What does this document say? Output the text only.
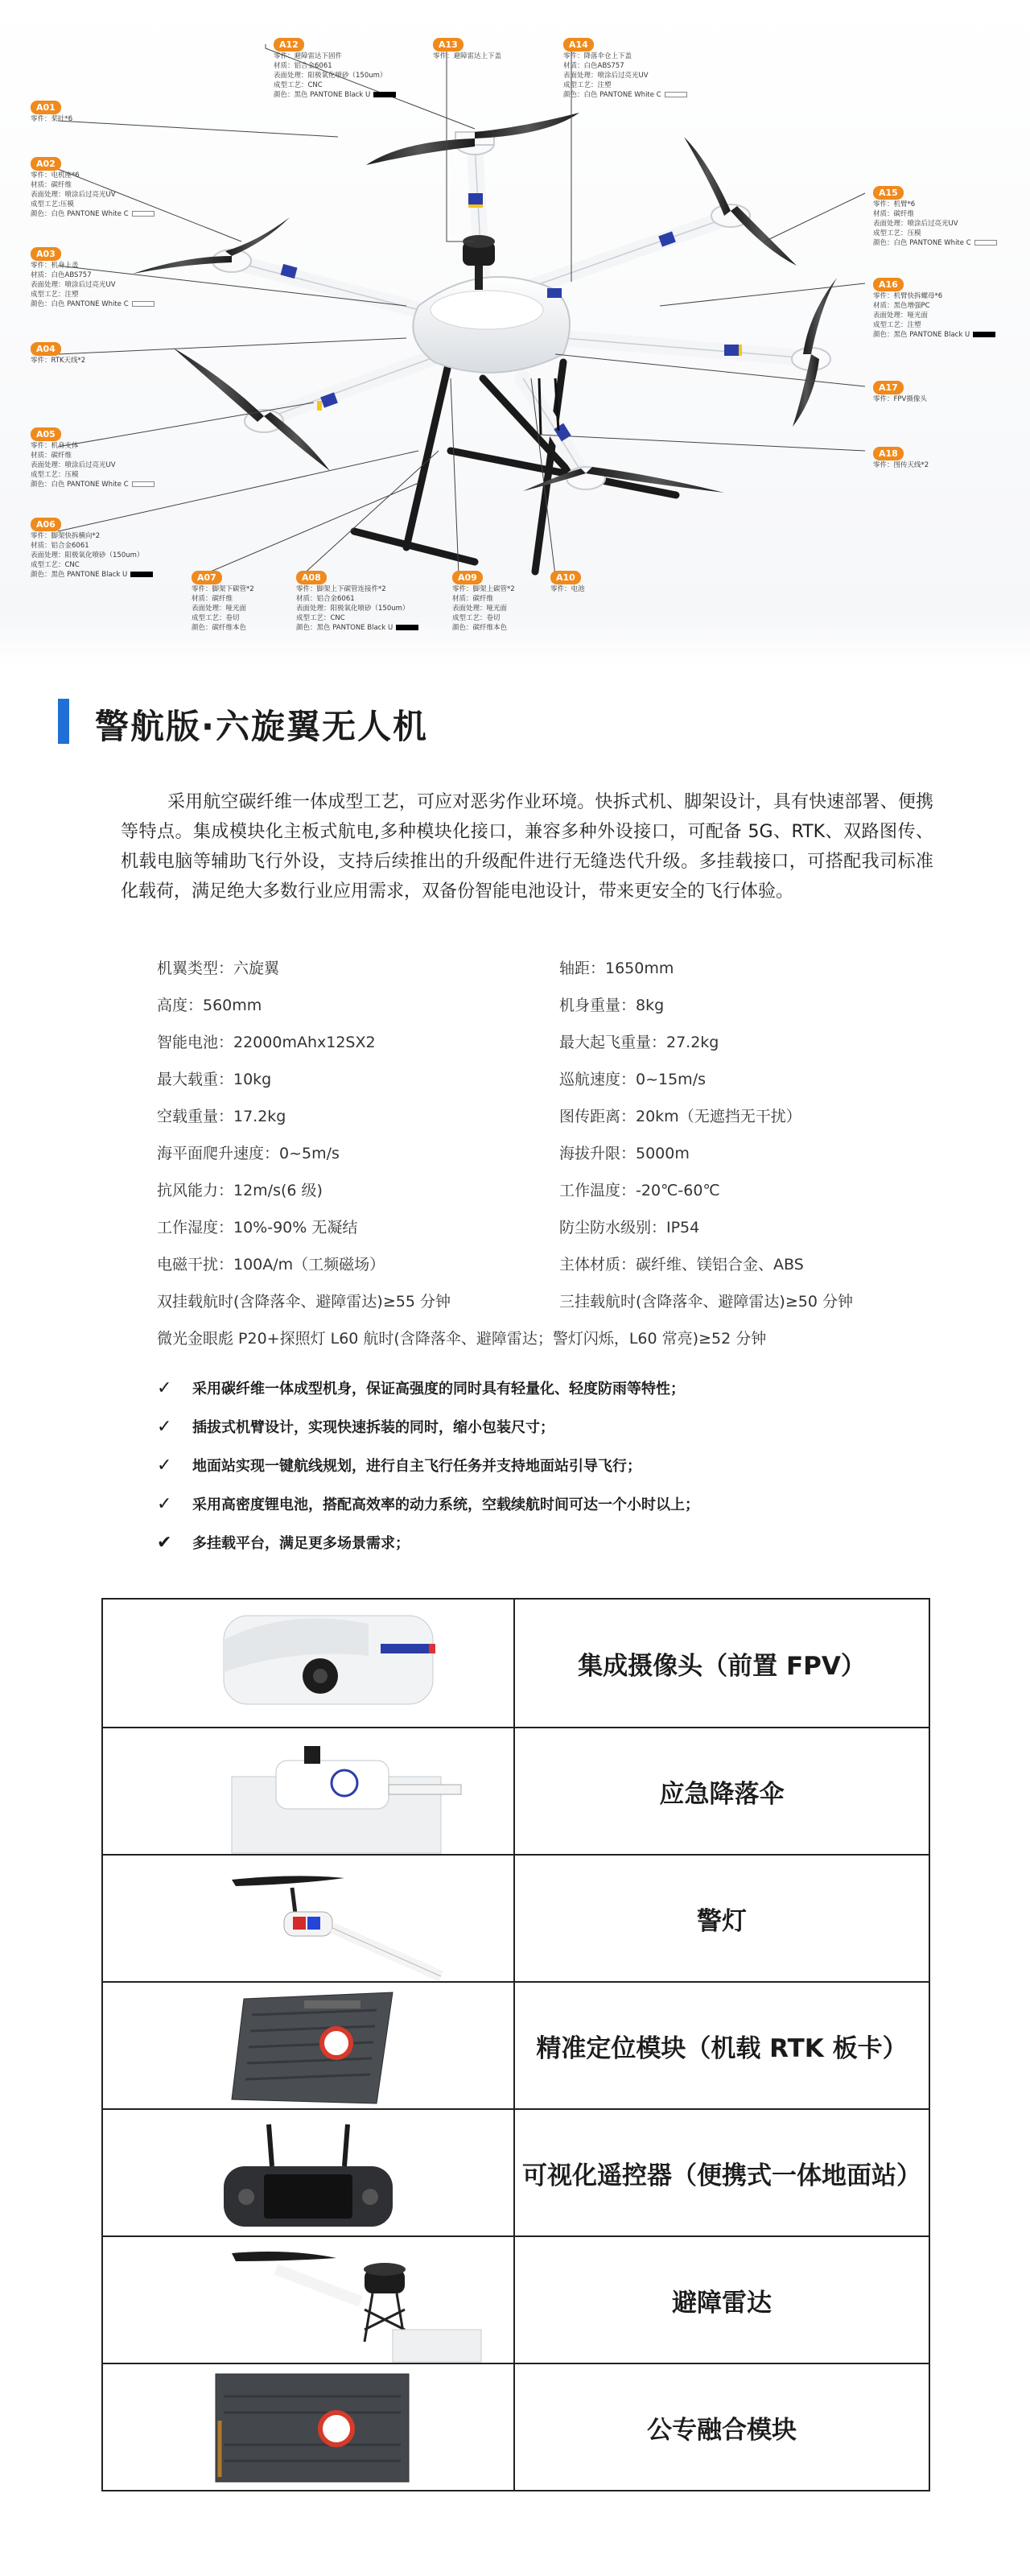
A12
零件：避障雷达下固件
材质：铝合金6061
表面处理：阳极氧化喷砂（150um）
成型工艺：CNC
颜色：黑色 PANTONE Black U
A13
零件：避障雷达上下盖
A14
零件：降落伞仓上下盖
材质：白色ABS757
表面处理：喷涂后过亮光UV
成型工艺：注塑
颜色：白色 PANTONE White C
A01
零件：桨叶*6
A02
零件：电机座*6
材质：碳纤维
表面处理：喷涂后过亮光UV
成型工艺:压模
颜色：白色 PANTONE White C
A03
零件：机身上盖
材质：白色ABS757
表面处理：喷涂后过亮光UV
成型工艺：注塑
颜色：白色 PANTONE White C
A04
零件：RTK天线*2
A05
零件：机身支体
材质：碳纤维
表面处理：喷涂后过亮光UV
成型工艺：压模
颜色：白色 PANTONE White C
A06
零件：脚架快拆横向*2
材质：铝合金6061
表面处理：阳极氧化喷砂（150um）
成型工艺：CNC
颜色：黑色 PANTONE Black U	A07
零件：脚架下碳管*2
材质：碳纤维
表面处理：哑光面
成型工艺：卷切
颜色：碳纤维本色
A08
零件：脚架上下碳管连接件*2
材质：铝合金6061
表面处理：阳极氧化喷砂（150um）
成型工艺：CNC
颜色：黑色 PANTONE Black U
A09
零件：脚架上碳管*2
材质：碳纤维
表面处理：哑光面
成型工艺：卷切
颜色：碳纤维本色
A10
零件：电池
A15
零件：机臂*6
材质：碳纤维
表面处理：喷涂后过亮光UV
成型工艺：压模
颜色：白色 PANTONE White C
A16
零件：机臂快拆螺母*6
材质：黑色增强PC
表面处理：哑光面
成型工艺：注塑
颜色：黑色 PANTONE Black U
A17
零件：FPV摄像头
A18
零件：图传天线*2
警航版·六旋翼无人机

采用航空碳纤维一体成型工艺，可应对恶劣作业环境。快拆式机、脚架设计，具有快速部署、便携等特点。集成模块化主板式航电,多种模块化接口，兼容多种外设接口，可配备 5G、RTK、双路图传、机载电脑等辅助飞行外设，支持后续推出的升级配件进行无缝迭代升级。多挂载接口，可搭配我司标准化载荷，满足绝大多数行业应用需求，双备份智能电池设计，带来更安全的飞行体验。

机翼类型：六旋翼	轴距：1650mm
高度：560mm	机身重量：8kg
智能电池：22000mAhx12SX2	最大起飞重量：27.2kg
最大载重：10kg	巡航速度：0~15m/s
空载重量：17.2kg	图传距离：20km（无遮挡无干扰）
海平面爬升速度：0~5m/s	海拔升限：5000m
抗风能力：12m/s(6 级)	工作温度：-20℃-60℃
工作湿度：10%-90% 无凝结	防尘防水级别：IP54
电磁干扰：100A/m（工频磁场）	主体材质：碳纤维、镁铝合金、ABS
双挂载航时(含降落伞、避障雷达)≥55 分钟	三挂载航时(含降落伞、避障雷达)≥50 分钟
微光金眼彪 P20+探照灯 L60 航时(含降落伞、避障雷达；警灯闪烁，L60 常亮)≥52 分钟
✓	采用碳纤维一体成型机身，保证高强度的同时具有轻量化、轻度防雨等特性；
✓	插拔式机臂设计，实现快速拆装的同时，缩小包装尺寸；
✓	地面站实现一键航线规划，进行自主飞行任务并支持地面站引导飞行；
✓	采用高密度锂电池，搭配高效率的动力系统，空载续航时间可达一个小时以上；
✔	多挂载平台，满足更多场景需求；
集成摄像头（前置 FPV）
应急降落伞
警灯
精准定位模块（机载 RTK 板卡）
可视化遥控器（便携式一体地面站）
避障雷达
公专融合模块
